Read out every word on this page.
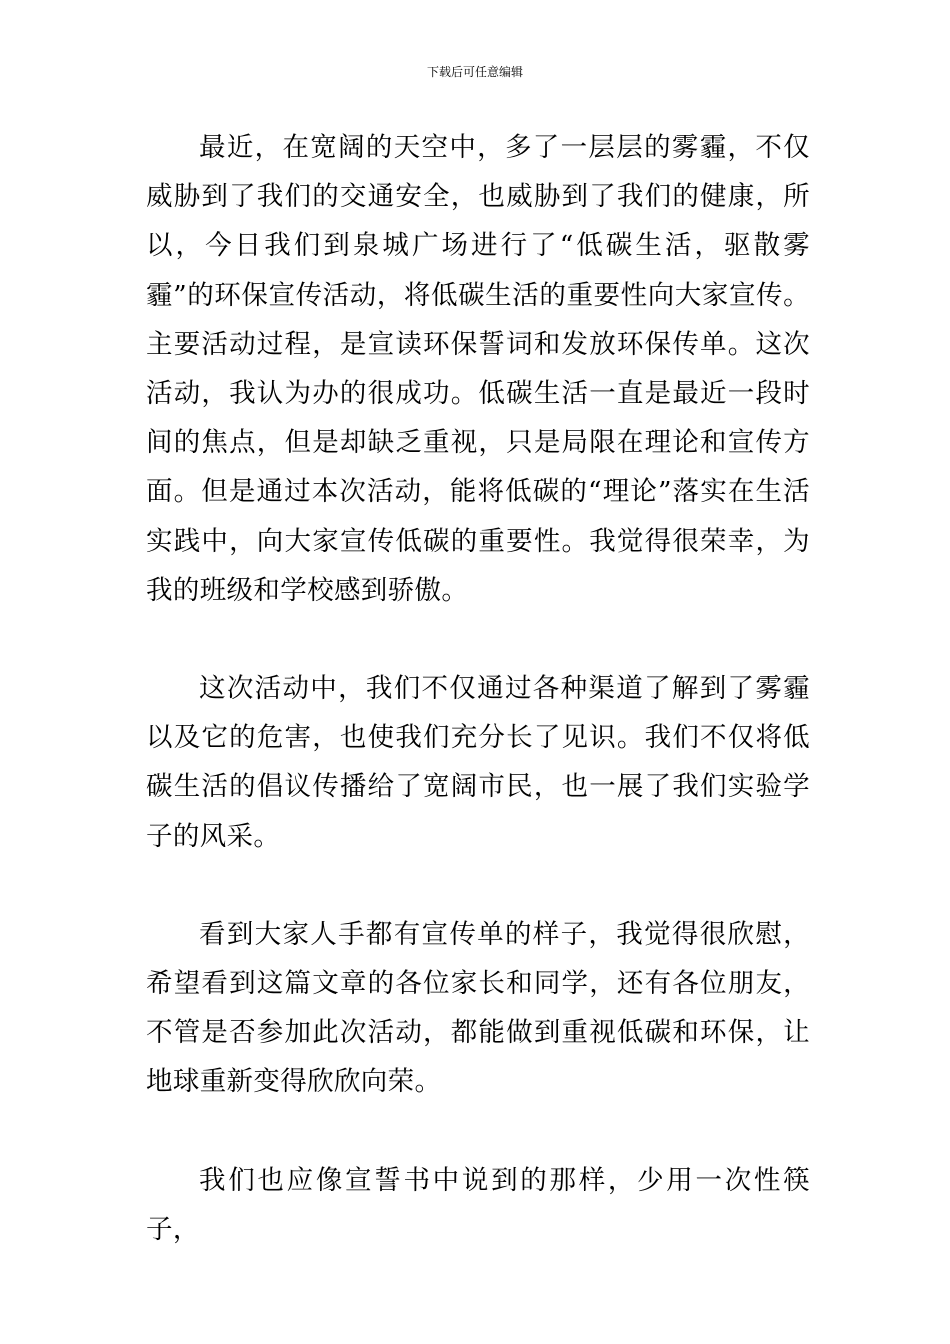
下载后可任意编辑

最近，在宽阔的天空中，多了一层层的雾霾，不仅威胁到了我们的交通安全，也威胁到了我们的健康，所以，今日我们到泉城广场进行了“低碳生活，驱散雾霾”的环保宣传活动，将低碳生活的重要性向大家宣传。主要活动过程，是宣读环保誓词和发放环保传单。这次活动，我认为办的很成功。低碳生活一直是最近一段时间的焦点，但是却缺乏重视，只是局限在理论和宣传方面。但是通过本次活动，能将低碳的“理论”落实在生活实践中，向大家宣传低碳的重要性。我觉得很荣幸，为我的班级和学校感到骄傲。

这次活动中，我们不仅通过各种渠道了解到了雾霾以及它的危害，也使我们充分长了见识。我们不仅将低碳生活的倡议传播给了宽阔市民，也一展了我们实验学子的风采。

看到大家人手都有宣传单的样子，我觉得很欣慰，希望看到这篇文章的各位家长和同学，还有各位朋友，不管是否参加此次活动，都能做到重视低碳和环保，让地球重新变得欣欣向荣。

我们也应像宣誓书中说到的那样，少用一次性筷子，
